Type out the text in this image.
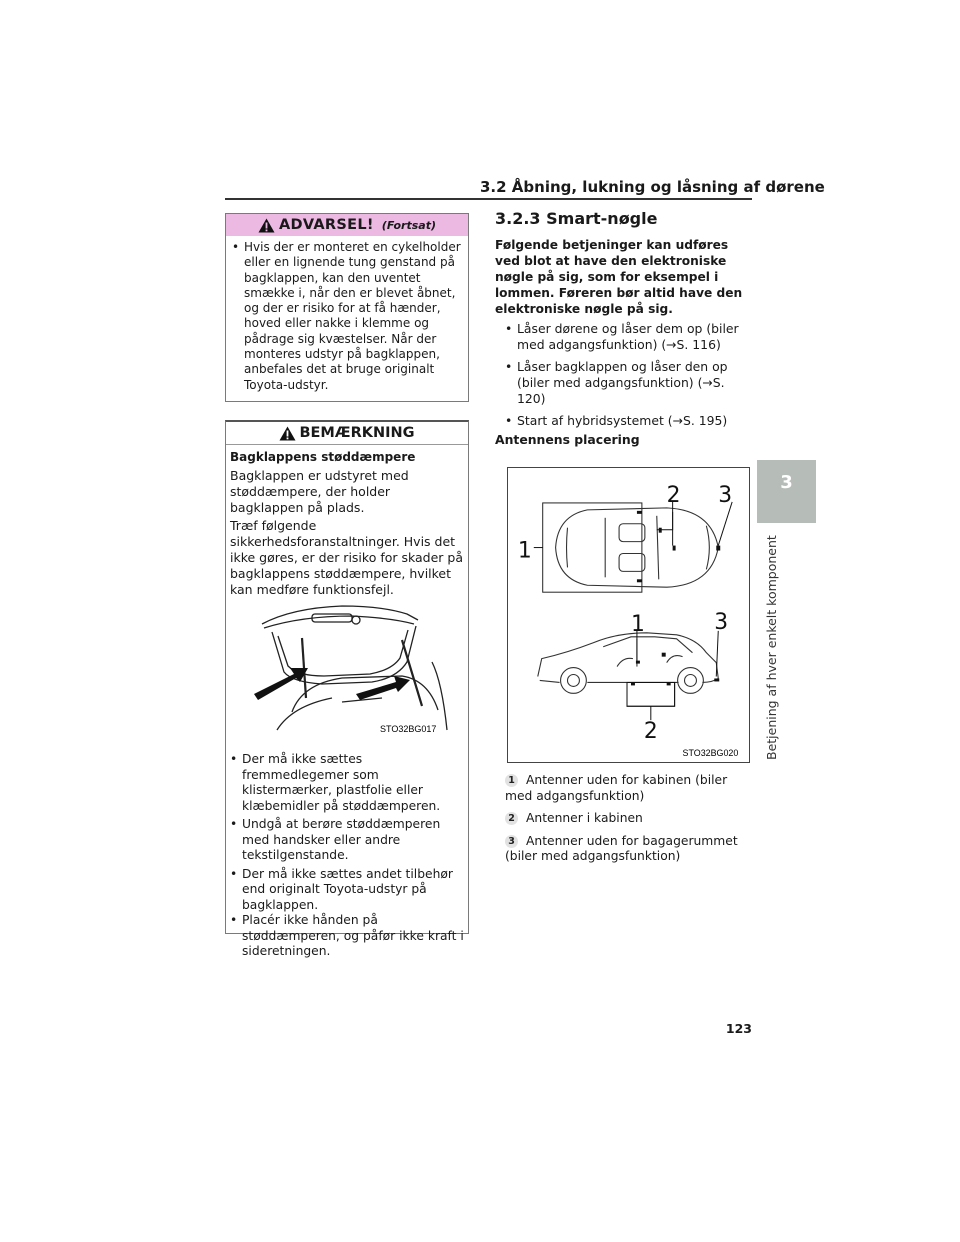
3.2 Åbning, lukning og låsning af dørene
3
Betjening af hver enkelt komponent
ADVARSEL! (Fortsat)
• Hvis der er monteret en cykelholder eller en lignende tung genstand på bagklappen, kan den uventet smække i, når den er blevet åbnet, og der er risiko for at få hænder, hoved eller nakke i klemme og pådrage sig kvæstelser. Når der monteres udstyr på bagklappen, anbefales det at bruge originalt Toyota-udstyr.
BEMÆRKNING
Bagklappens støddæmpere
Bagklappen er udstyret med støddæmpere, der holder bagklappen på plads.
Træf følgende sikkerhedsforanstaltninger. Hvis det ikke gøres, er der risiko for skader på bagklappens støddæmpere, hvilket kan medføre funktionsfejl.
STO32BG017
• Der må ikke sættes fremmedlegemer som klistermærker, plastfolie eller klæbemidler på støddæmperen.
• Undgå at berøre støddæmperen med handsker eller andre tekstilgenstande.
• Der må ikke sættes andet tilbehør end originalt Toyota-udstyr på bagklappen.
• Placér ikke hånden på støddæmperen, og påfør ikke kraft i sideretningen.
3.2.3 Smart-nøgle
Følgende betjeninger kan udføres ved blot at have den elektroniske nøgle på sig, som for eksempel i lommen. Føreren bør altid have den elektroniske nøgle på sig.
• Låser dørene og låser dem op (biler med adgangsfunktion) (→S. 116)
• Låser bagklappen og låser den op (biler med adgangsfunktion) (→S. 120)
• Start af hybridsystemet (→S. 195)
Antennens placering
1
2 3
1	3
2
STO32BG020
1 Antenner uden for kabinen (biler med adgangsfunktion)
2 Antenner i kabinen
3 Antenner uden for bagagerummet (biler med adgangsfunktion)
123
